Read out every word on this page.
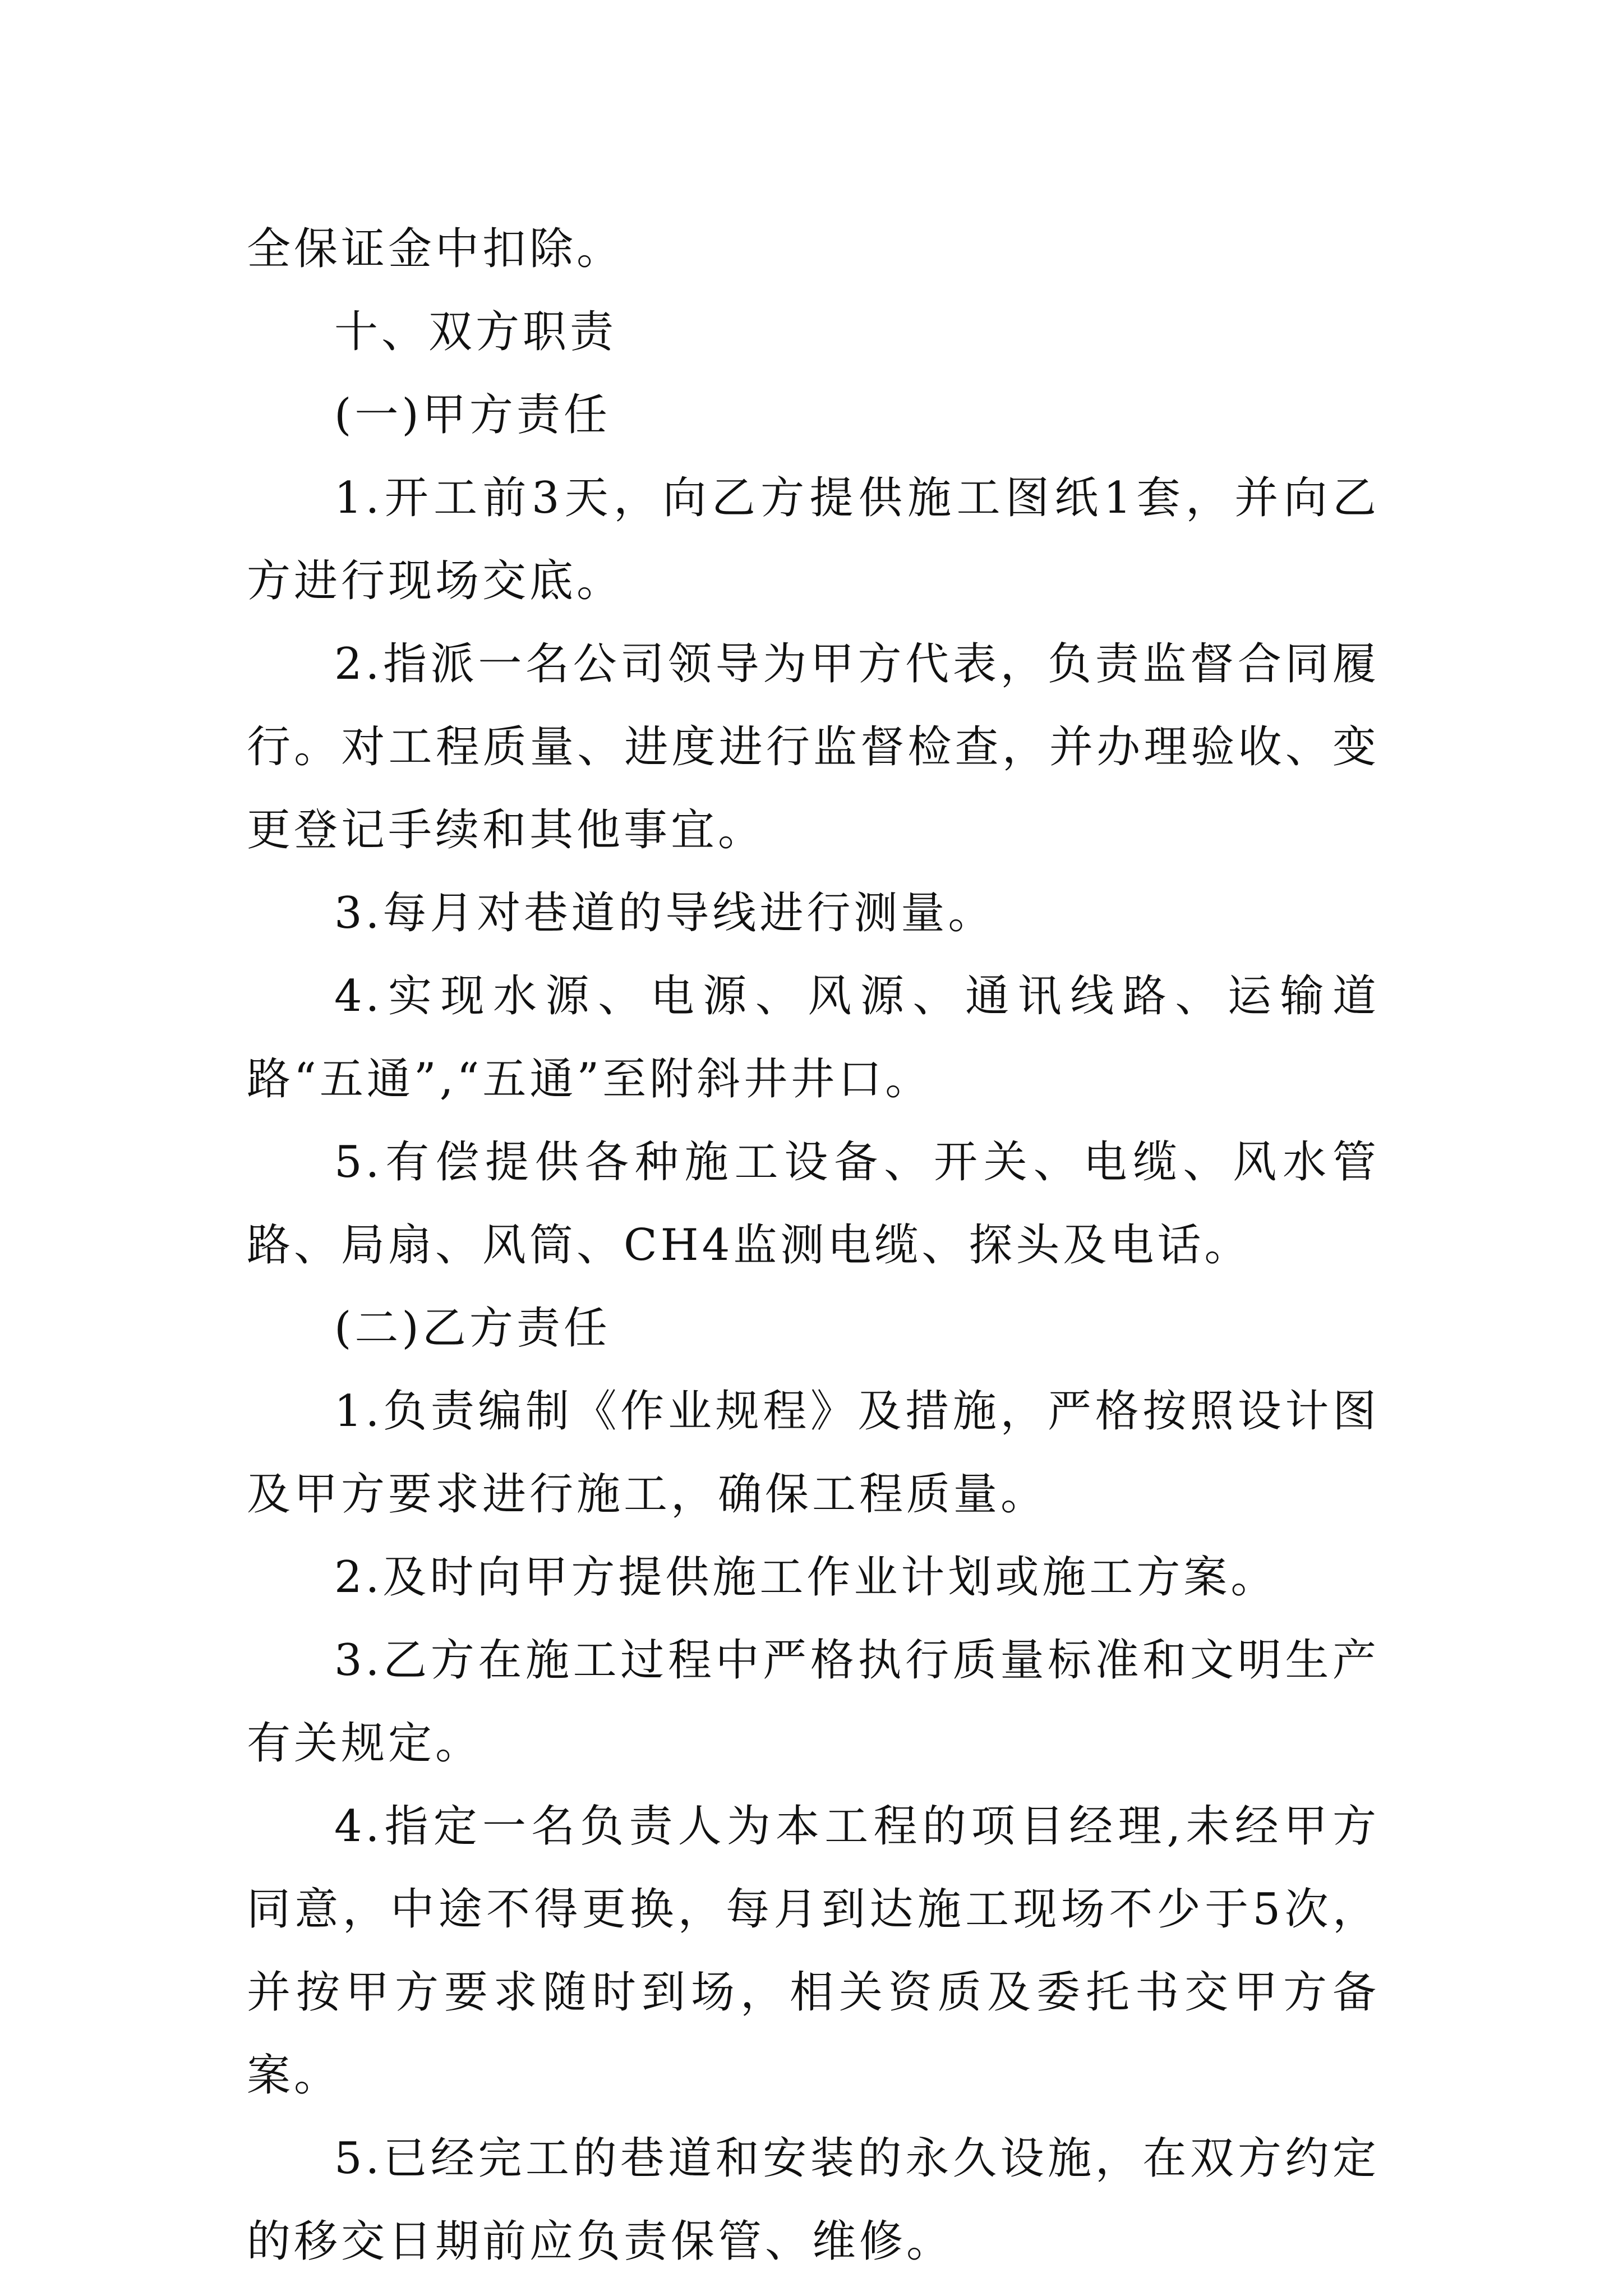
全保证金中扣除。

十、双方职责

(一)甲方责任

1.开工前3天，向乙方提供施工图纸1套，并向乙方进行现场交底。

2.指派一名公司领导为甲方代表，负责监督合同履行。对工程质量、进度进行监督检查，并办理验收、变更登记手续和其他事宜。

3.每月对巷道的导线进行测量。

4.实现水源、电源、风源、通讯线路、运输道路“五通”,“五通”至附斜井井口。

5.有偿提供各种施工设备、开关、电缆、风水管路、局扇、风筒、CH4监测电缆、探头及电话。

(二)乙方责任

1.负责编制《作业规程》及措施，严格按照设计图及甲方要求进行施工，确保工程质量。

2.及时向甲方提供施工作业计划或施工方案。

3.乙方在施工过程中严格执行质量标准和文明生产有关规定。

4.指定一名负责人为本工程的项目经理,未经甲方同意，中途不得更换，每月到达施工现场不少于5次，并按甲方要求随时到场，相关资质及委托书交甲方备案。

5.已经完工的巷道和安装的永久设施，在双方约定的移交日期前应负责保管、维修。
